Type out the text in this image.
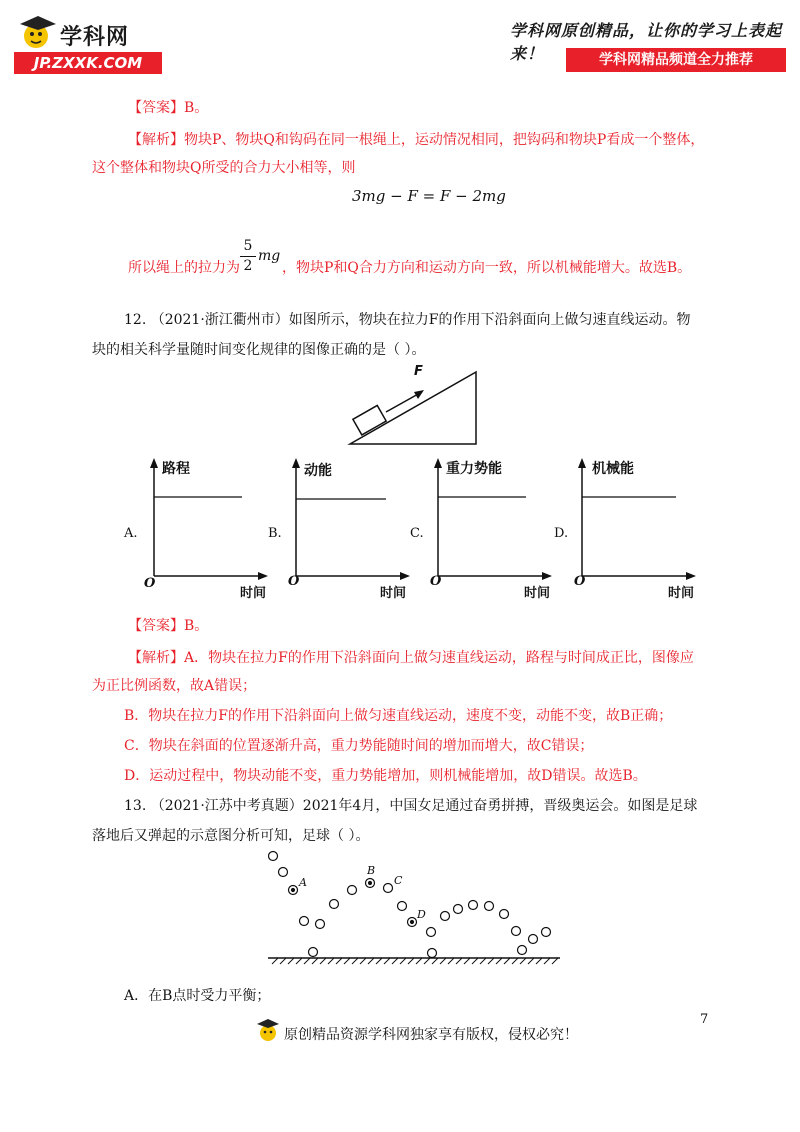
学科网
JP.ZXXK.COM
学科网原创精品，让你的学习上表起来！	学科网精品频道全力推荐
【答案】B。
【解析】物块P、物块Q和钩码在同一根绳上，运动情况相同，把钩码和物块P看成一个整体，
这个整体和物块Q所受的合力大小相等，则
3mg − F = F − 2mg
所以绳上的拉力为
5
2
mg
，物块P和Q合力方向和运动方向一致，所以机械能增大。故选B。
12. （2021·浙江衢州市）如图所示，物块在拉力F的作用下沿斜面向上做匀速直线运动。物
块的相关科学量随时间变化规律的图像正确的是（ ）。
F
A.
路程
O
时间
B.
动能
O
时间
C.
重力势能
O
时间
D.
机械能
O
时间
【答案】B。
【解析】A．物块在拉力F的作用下沿斜面向上做匀速直线运动，路程与时间成正比，图像应
为正比例函数，故A错误；
B．物块在拉力F的作用下沿斜面向上做匀速直线运动，速度不变，动能不变，故B正确；
C．物块在斜面的位置逐渐升高，重力势能随时间的增加而增大，故C错误；
D．运动过程中，物块动能不变，重力势能增加，则机械能增加，故D错误。故选B。
13. （2021·江苏中考真题）2021年4月，中国女足通过奋勇拼搏，晋级奥运会。如图是足球
落地后又弹起的示意图分析可知，足球（ ）。
A
B
C
D
A．在B点时受力平衡；
7
原创精品资源学科网独家享有版权，侵权必究！
